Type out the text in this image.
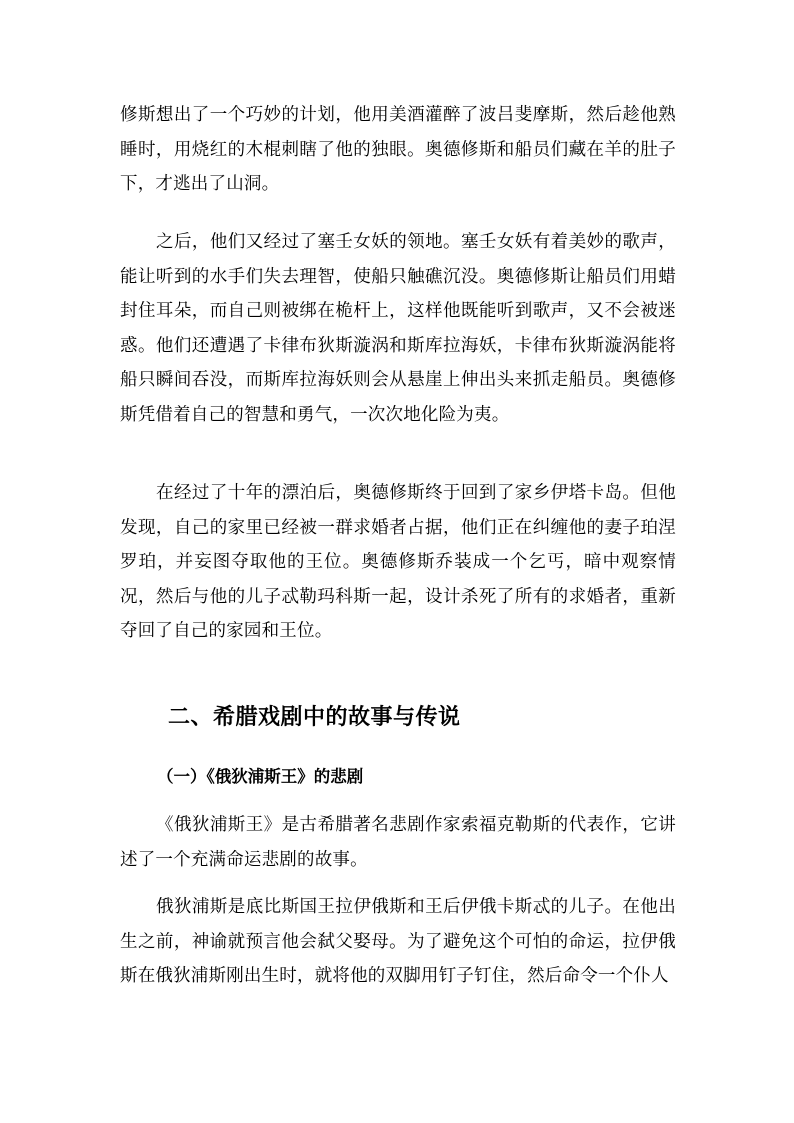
修斯想出了一个巧妙的计划，他用美酒灌醉了波吕斐摩斯，然后趁他熟睡时，用烧红的木棍刺瞎了他的独眼。奥德修斯和船员们藏在羊的肚子下，才逃出了山洞。

之后，他们又经过了塞壬女妖的领地。塞壬女妖有着美妙的歌声，能让听到的水手们失去理智，使船只触礁沉没。奥德修斯让船员们用蜡封住耳朵，而自己则被绑在桅杆上，这样他既能听到歌声，又不会被迷惑。他们还遭遇了卡律布狄斯漩涡和斯库拉海妖，卡律布狄斯漩涡能将船只瞬间吞没，而斯库拉海妖则会从悬崖上伸出头来抓走船员。奥德修斯凭借着自己的智慧和勇气，一次次地化险为夷。

在经过了十年的漂泊后，奥德修斯终于回到了家乡伊塔卡岛。但他发现，自己的家里已经被一群求婚者占据，他们正在纠缠他的妻子珀涅罗珀，并妄图夺取他的王位。奥德修斯乔装成一个乞丐，暗中观察情况，然后与他的儿子忒勒玛科斯一起，设计杀死了所有的求婚者，重新夺回了自己的家园和王位。

二、希腊戏剧中的故事与传说
（一）《俄狄浦斯王》的悲剧

《俄狄浦斯王》是古希腊著名悲剧作家索福克勒斯的代表作，它讲述了一个充满命运悲剧的故事。

俄狄浦斯是底比斯国王拉伊俄斯和王后伊俄卡斯忒的儿子。在他出生之前，神谕就预言他会弑父娶母。为了避免这个可怕的命运，拉伊俄斯在俄狄浦斯刚出生时，就将他的双脚用钉子钉住，然后命令一个仆人
